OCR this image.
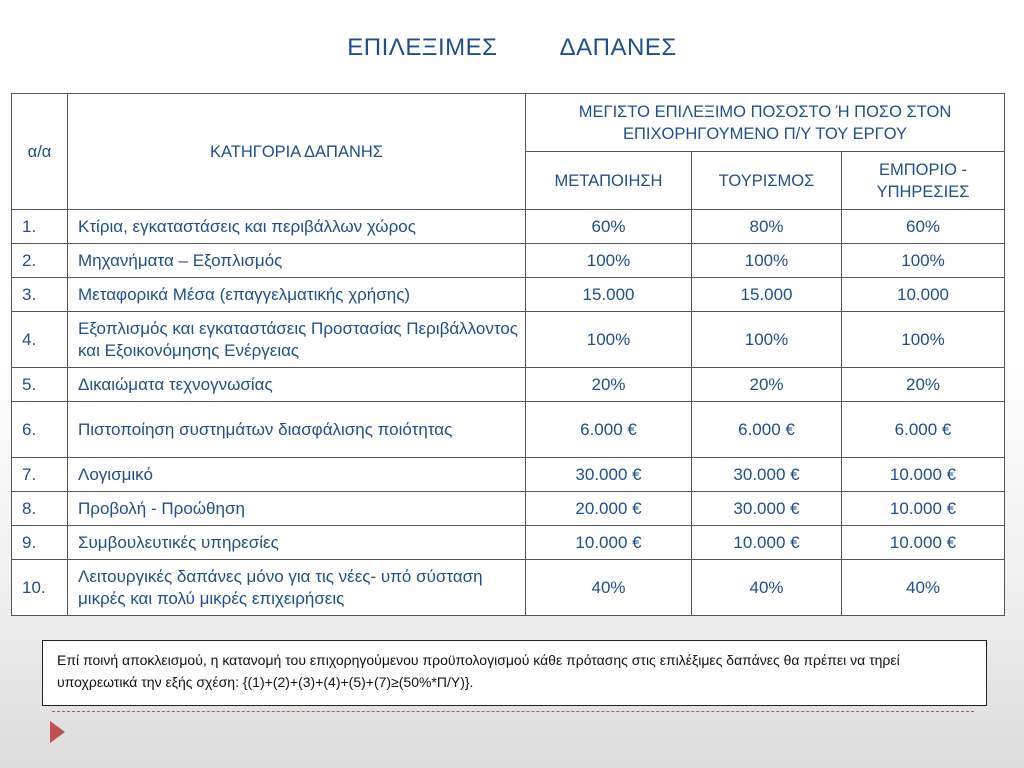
ΕΠΙΛΕΞΙΜΕΣ   ΔΑΠΑΝΕΣ
α/α	ΚΑΤΗΓΟΡΙΑ ΔΑΠΑΝΗΣ	ΜΕΓΙΣΤΟ ΕΠΙΛΕΞΙΜΟ ΠΟΣΟΣΤΟ Ή ΠΟΣΟ ΣΤΟΝ ΕΠΙΧΟΡΗΓΟΥΜΕΝΟ Π/Υ ΤΟΥ ΕΡΓΟΥ		
		ΜΕΤΑΠΟΙΗΣΗ	ΤΟΥΡΙΣΜΟΣ	ΕΜΠΟΡΙΟ - ΥΠΗΡΕΣΙΕΣ
1.	Κτίρια, εγκαταστάσεις και περιβάλλων χώρος	60%	80%	60%
2.	Μηχανήματα – Εξοπλισμός	100%	100%	100%
3.	Μεταφορικά Μέσα (επαγγελματικής χρήσης)	15.000	15.000	10.000
4.	Εξοπλισμός και εγκαταστάσεις Προστασίας Περιβάλλοντος και Εξοικονόμησης Ενέργειας	100%	100%	100%
5.	Δικαιώματα τεχνογνωσίας	20%	20%	20%
6.	Πιστοποίηση συστημάτων διασφάλισης ποιότητας	6.000 €	6.000 €	6.000 €
7.	Λογισμικό	30.000 €	30.000 €	10.000 €
8.	Προβολή - Προώθηση	20.000 €	30.000 €	10.000 €
9.	Συμβουλευτικές υπηρεσίες	10.000 €	10.000 €	10.000 €
10.	Λειτουργικές δαπάνες μόνο για τις νέες- υπό σύσταση μικρές και πολύ μικρές επιχειρήσεις	40%	40%	40%
Επί ποινή αποκλεισμού, η κατανομή του επιχορηγούμενου προϋπολογισμού κάθε πρότασης στις επιλέξιμες δαπάνες θα πρέπει να τηρεί υποχρεωτικά την εξής σχέση: {(1)+(2)+(3)+(4)+(5)+(7)≥(50%*Π/Υ)}.
